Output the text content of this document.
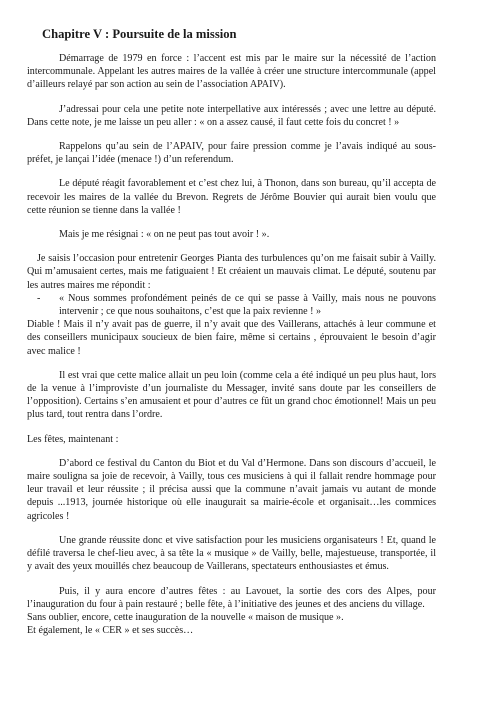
Chapitre V : Poursuite de la mission

Démarrage de 1979 en force : l’accent est mis par le maire sur la nécessité de l’action intercommunale. Appelant les autres maires de la vallée à créer une structure intercommunale (appel d’ailleurs relayé par son action au sein de l’association APAIV).

J’adressai pour cela une petite note interpellative aux intéressés ; avec une lettre au député. Dans cette note, je me laisse un peu aller : « on a assez causé, il faut cette fois du concret ! »

Rappelons qu’au sein de l’APAIV, pour faire pression comme je l’avais indiqué au sous-préfet, je lançai l’idée (menace !) d’un referendum.

Le député réagit favorablement et c’est chez lui, à Thonon, dans son bureau, qu’il accepta de recevoir les maires de la vallée du Brevon. Regrets de Jérôme Bouvier qui aurait bien voulu que cette réunion se tienne dans la vallée !

Mais je me résignai : « on ne peut pas tout avoir ! ».

Je saisis l’occasion pour entretenir Georges Pianta des turbulences qu’on me faisait subir à Vailly. Qui m’amusaient certes, mais me fatiguaient ! Et créaient un mauvais climat. Le député, soutenu par les autres maires me répondit :

-	« Nous sommes profondément peinés de ce qui se passe à Vailly, mais nous ne pouvons intervenir ; ce que nous souhaitons, c’est que la paix revienne ! »

Diable ! Mais il n’y avait pas de guerre, il n’y avait que des Vaillerans, attachés à leur commune et des conseillers municipaux soucieux de bien faire, même si certains , éprouvaient le besoin d’agir avec malice !

Il est vrai que cette malice allait un peu loin (comme cela a été indiqué un peu plus haut, lors de la venue à l’improviste d’un journaliste du Messager, invité sans doute par les conseillers de l’opposition). Certains s’en amusaient et pour d’autres ce fût un grand choc émotionnel! Mais un peu plus tard, tout rentra dans l’ordre.

Les fêtes, maintenant :

D’abord ce festival du Canton du Biot et du Val d’Hermone. Dans son discours d’accueil, le maire souligna sa joie de recevoir, à Vailly, tous ces musiciens à qui il fallait rendre hommage pour leur travail et leur réussite ; il précisa aussi que la commune n’avait jamais vu autant de monde depuis ...1913, journée historique où elle inaugurait sa mairie-école et organisait…les commices agricoles !

Une grande réussite donc et vive satisfaction pour les musiciens organisateurs ! Et, quand le défilé traversa le chef-lieu avec, à sa tête la « musique » de Vailly, belle, majestueuse, transportée, il y avait des yeux mouillés chez beaucoup de Vaillerans, spectateurs enthousiastes et émus.

Puis, il y aura encore d’autres fêtes : au Lavouet, la sortie des cors des Alpes, pour l’inauguration du four à pain restauré ; belle fête, à l’initiative des jeunes et des anciens du village.

Sans oublier, encore, cette inauguration de la nouvelle « maison de musique ».

Et également, le « CER » et ses succès…
